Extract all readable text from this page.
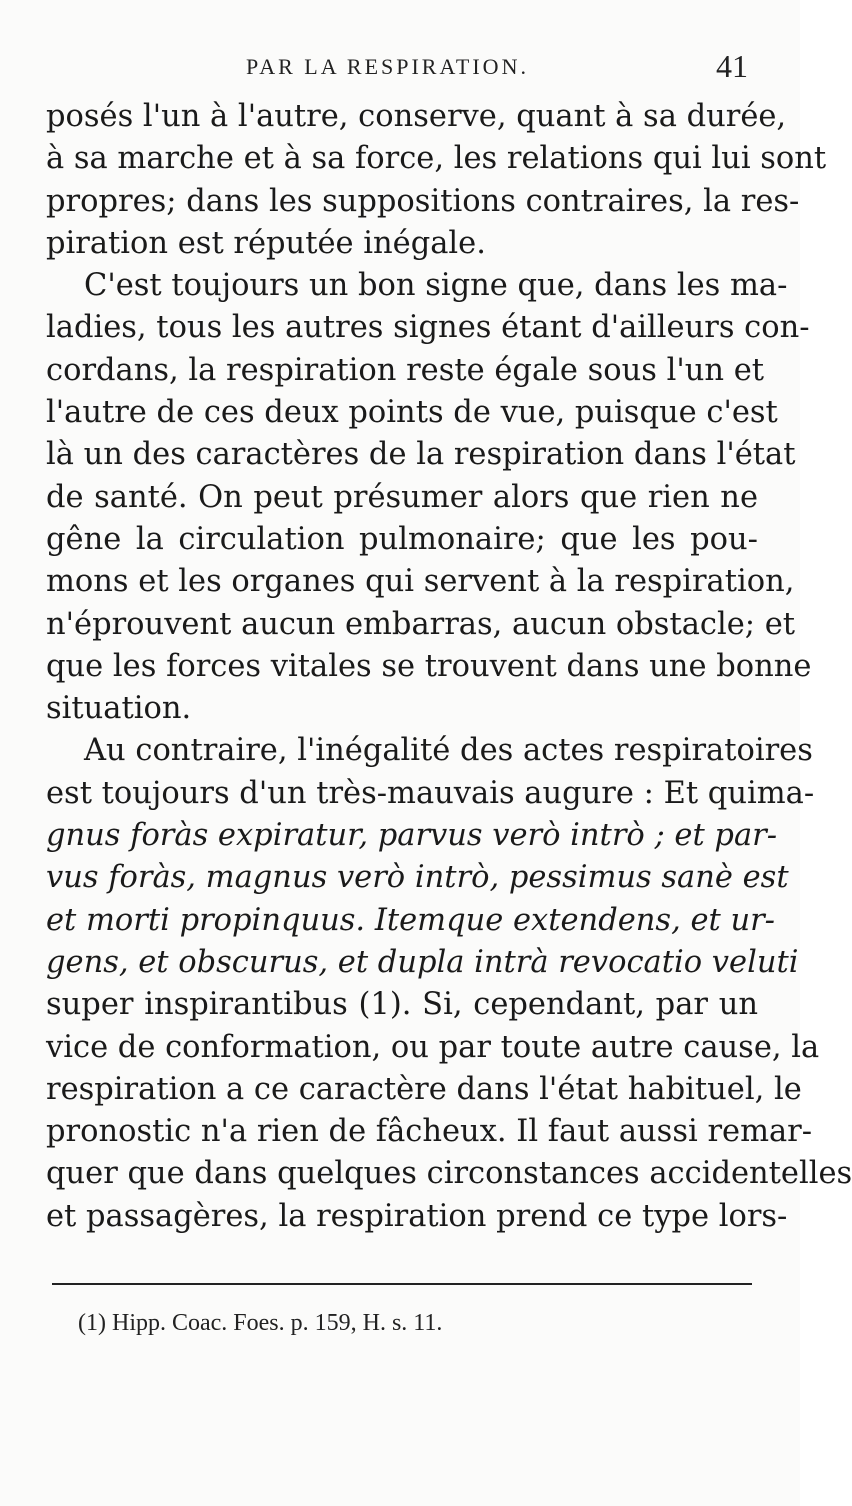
PAR LA RESPIRATION.	41
posés l'un à l'autre, conserve, quant à sa durée,
à sa marche et à sa force, les relations qui lui sont
propres; dans les suppositions contraires, la res-
piration est réputée inégale.
C'est toujours un bon signe que, dans les ma-
ladies, tous les autres signes étant d'ailleurs con-
cordans, la respiration reste égale sous l'un et
l'autre de ces deux points de vue, puisque c'est
là un des caractères de la respiration dans l'état
de santé. On peut présumer alors que rien ne
gêne la circulation pulmonaire; que les pou-
mons et les organes qui servent à la respiration,
n'éprouvent aucun embarras, aucun obstacle; et
que les forces vitales se trouvent dans une bonne
situation.
Au contraire, l'inégalité des actes respiratoires
est toujours d'un très-mauvais augure : Et quima-
gnus foràs expiratur, parvus verò intrò ; et par-
vus foràs, magnus verò intrò, pessimus sanè est
et morti propinquus. Itemque extendens, et ur-
gens, et obscurus, et dupla intrà revocatio veluti
super inspirantibus (1). Si, cependant, par un
vice de conformation, ou par toute autre cause, la
respiration a ce caractère dans l'état habituel, le
pronostic n'a rien de fâcheux. Il faut aussi remar-
quer que dans quelques circonstances accidentelles
et passagères, la respiration prend ce type lors-
(1) Hipp. Coac. Foes. p. 159, H. s. 11.
